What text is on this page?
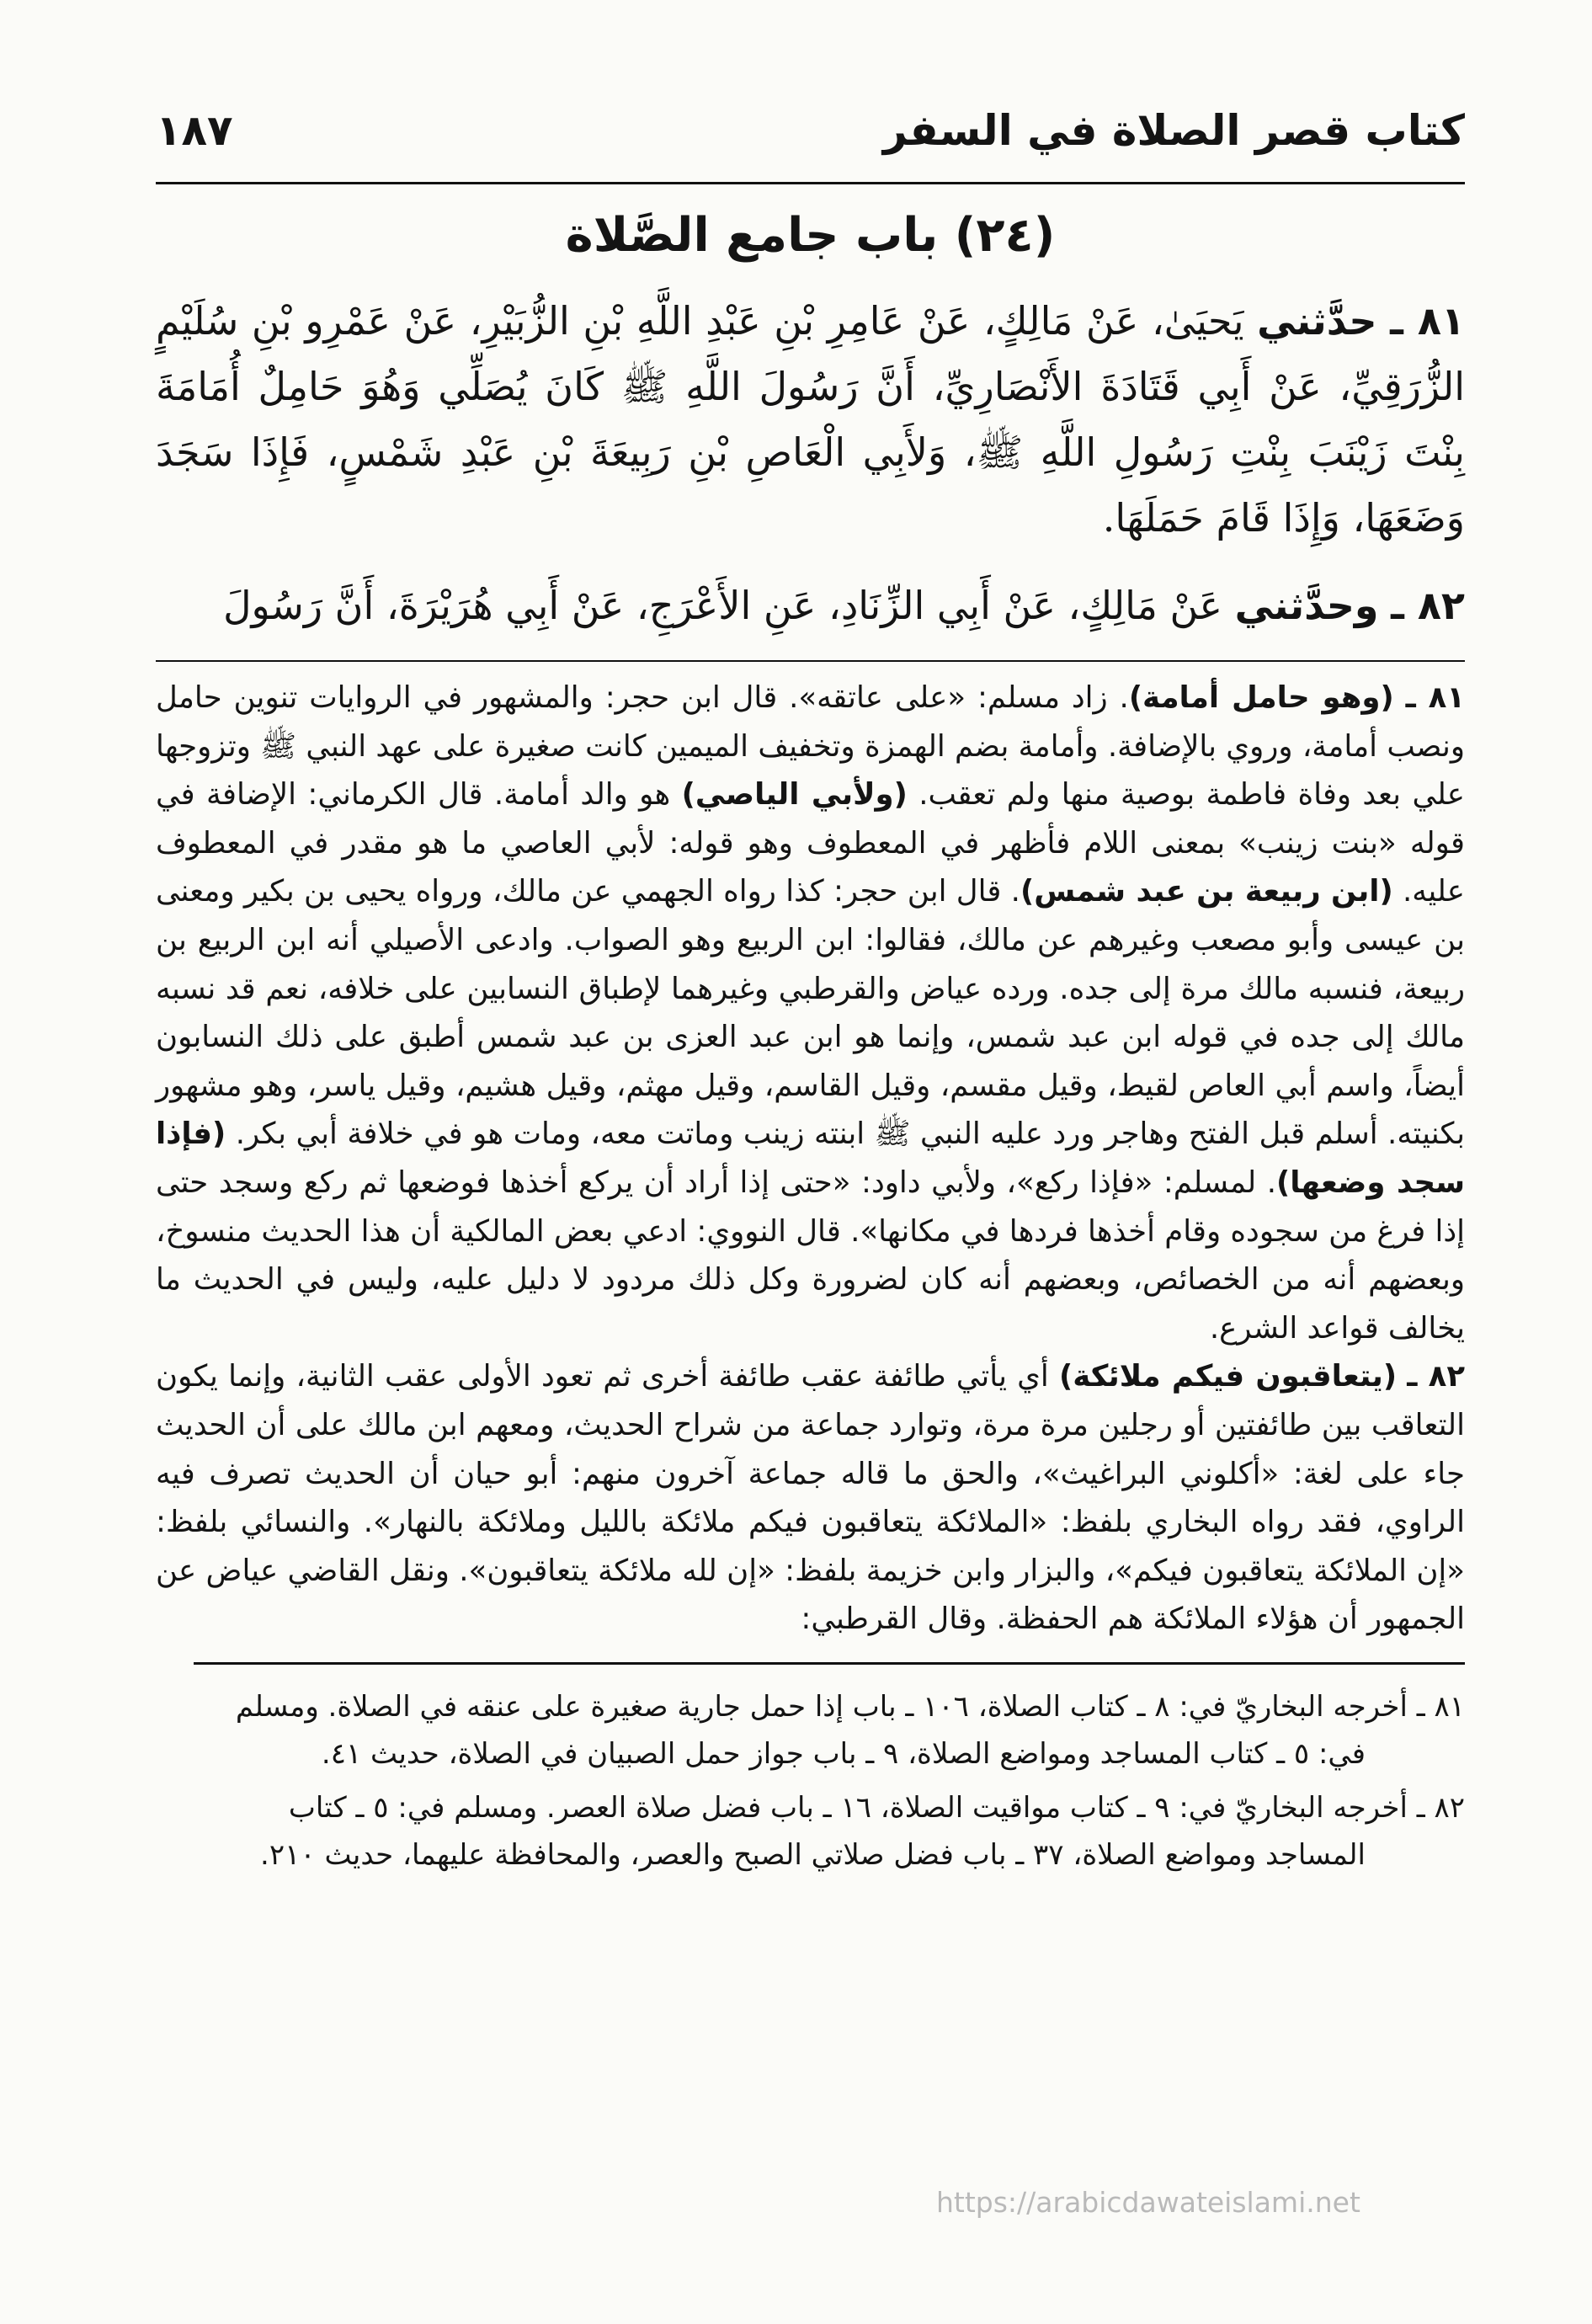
كتاب قصر الصلاة في السفر
١٨٧
(٢٤) باب جامع الصَّلاة
٨١ ـ حدَّثني يَحيَىٰ، عَنْ مَالِكٍ، عَنْ عَامِرِ بْنِ عَبْدِ اللَّهِ بْنِ الزُّبَيْرِ، عَنْ عَمْرِو بْنِ سُلَيْمٍ الزُّرَقِيِّ، عَنْ أَبِي قَتَادَةَ الأَنْصَارِيِّ، أَنَّ رَسُولَ اللَّهِ ﷺ كَانَ يُصَلِّي وَهُوَ حَامِلٌ أُمَامَةَ بِنْتَ زَيْنَبَ بِنْتِ رَسُولِ اللَّهِ ﷺ، وَلأَبِي الْعَاصِ بْنِ رَبِيعَةَ بْنِ عَبْدِ شَمْسٍ، فَإِذَا سَجَدَ وَضَعَهَا، وَإِذَا قَامَ حَمَلَهَا.
٨٢ ـ وحدَّثني عَنْ مَالِكٍ، عَنْ أَبِي الزِّنَادِ، عَنِ الأَعْرَجِ، عَنْ أَبِي هُرَيْرَةَ، أَنَّ رَسُولَ

٨١ ـ (وهو حامل أمامة). زاد مسلم: «على عاتقه». قال ابن حجر: والمشهور في الروايات تنوين حامل ونصب أمامة، وروي بالإضافة. وأمامة بضم الهمزة وتخفيف الميمين كانت صغيرة على عهد النبي ﷺ وتزوجها علي بعد وفاة فاطمة بوصية منها ولم تعقب. (ولأبي الياصي) هو والد أمامة. قال الكرماني: الإضافة في قوله «بنت زينب» بمعنى اللام فأظهر في المعطوف وهو قوله: لأبي العاصي ما هو مقدر في المعطوف عليه. (ابن ربيعة بن عبد شمس). قال ابن حجر: كذا رواه الجهمي عن مالك، ورواه يحيى بن بكير ومعنى بن عيسى وأبو مصعب وغيرهم عن مالك، فقالوا: ابن الربيع وهو الصواب. وادعى الأصيلي أنه ابن الربيع بن ربيعة، فنسبه مالك مرة إلى جده. ورده عياض والقرطبي وغيرهما لإطباق النسابين على خلافه، نعم قد نسبه مالك إلى جده في قوله ابن عبد شمس، وإنما هو ابن عبد العزى بن عبد شمس أطبق على ذلك النسابون أيضاً، واسم أبي العاص لقيط، وقيل مقسم، وقيل القاسم، وقيل مهثم، وقيل هشيم، وقيل ياسر، وهو مشهور بكنيته. أسلم قبل الفتح وهاجر ورد عليه النبي ﷺ ابنته زينب وماتت معه، ومات هو في خلافة أبي بكر. (فإذا سجد وضعها). لمسلم: «فإذا ركع»، ولأبي داود: «حتى إذا أراد أن يركع أخذها فوضعها ثم ركع وسجد حتى إذا فرغ من سجوده وقام أخذها فردها في مكانها». قال النووي: ادعي بعض المالكية أن هذا الحديث منسوخ، وبعضهم أنه من الخصائص، وبعضهم أنه كان لضرورة وكل ذلك مردود لا دليل عليه، وليس في الحديث ما يخالف قواعد الشرع.

٨٢ ـ (يتعاقبون فيكم ملائكة) أي يأتي طائفة عقب طائفة أخرى ثم تعود الأولى عقب الثانية، وإنما يكون التعاقب بين طائفتين أو رجلين مرة مرة، وتوارد جماعة من شراح الحديث، ومعهم ابن مالك على أن الحديث جاء على لغة: «أكلوني البراغيث»، والحق ما قاله جماعة آخرون منهم: أبو حيان أن الحديث تصرف فيه الراوي، فقد رواه البخاري بلفظ: «الملائكة يتعاقبون فيكم ملائكة بالليل وملائكة بالنهار». والنسائي بلفظ: «إن الملائكة يتعاقبون فيكم»، والبزار وابن خزيمة بلفظ: «إن لله ملائكة يتعاقبون». ونقل القاضي عياض عن الجمهور أن هؤلاء الملائكة هم الحفظة. وقال القرطبي:

٨١ ـ أخرجه البخاريّ في: ٨ ـ كتاب الصلاة، ١٠٦ ـ باب إذا حمل جارية صغيرة على عنقه في الصلاة. ومسلم
في: ٥ ـ كتاب المساجد ومواضع الصلاة، ٩ ـ باب جواز حمل الصبيان في الصلاة، حديث ٤١.

٨٢ ـ أخرجه البخاريّ في: ٩ ـ كتاب مواقيت الصلاة، ١٦ ـ باب فضل صلاة العصر. ومسلم في: ٥ ـ كتاب
المساجد ومواضع الصلاة، ٣٧ ـ باب فضل صلاتي الصبح والعصر، والمحافظة عليهما، حديث ٢١٠.

https://arabicdawateislami.net
